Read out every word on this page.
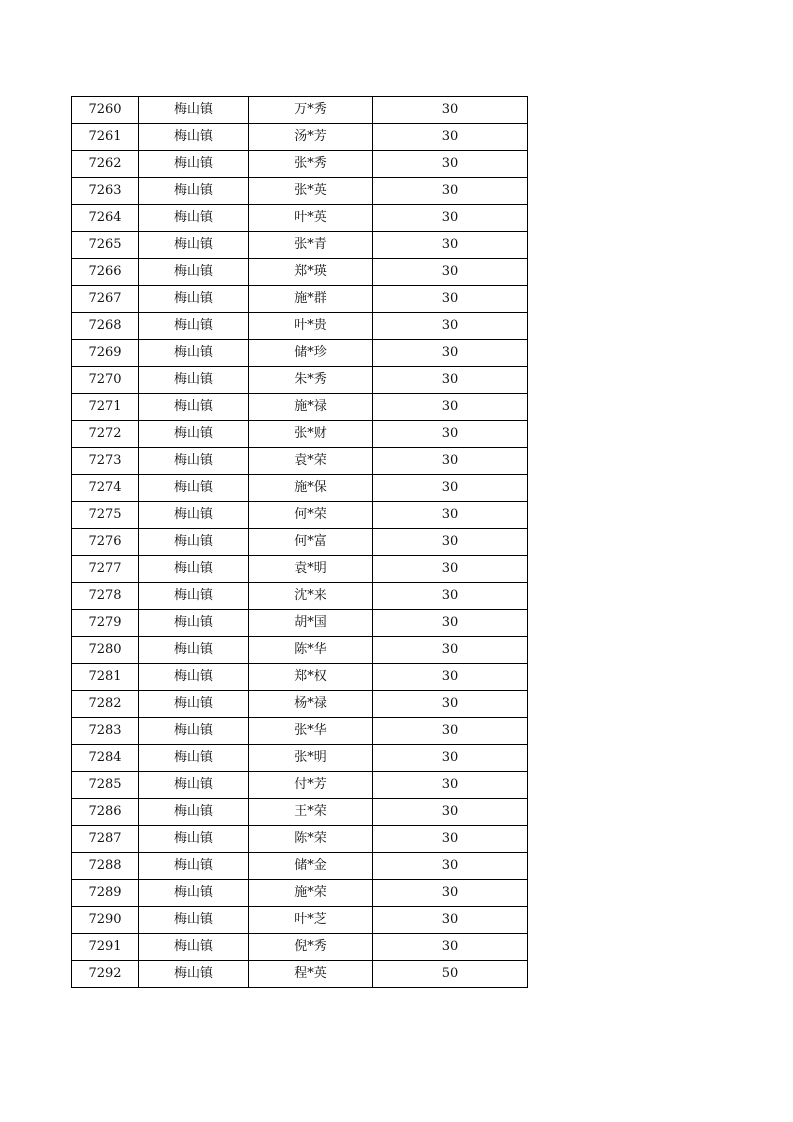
7260	梅山镇	万*秀	30
7261	梅山镇	汤*芳	30
7262	梅山镇	张*秀	30
7263	梅山镇	张*英	30
7264	梅山镇	叶*英	30
7265	梅山镇	张*青	30
7266	梅山镇	郑*瑛	30
7267	梅山镇	施*群	30
7268	梅山镇	叶*贵	30
7269	梅山镇	储*珍	30
7270	梅山镇	朱*秀	30
7271	梅山镇	施*禄	30
7272	梅山镇	张*财	30
7273	梅山镇	袁*荣	30
7274	梅山镇	施*保	30
7275	梅山镇	何*荣	30
7276	梅山镇	何*富	30
7277	梅山镇	袁*明	30
7278	梅山镇	沈*来	30
7279	梅山镇	胡*国	30
7280	梅山镇	陈*华	30
7281	梅山镇	郑*权	30
7282	梅山镇	杨*禄	30
7283	梅山镇	张*华	30
7284	梅山镇	张*明	30
7285	梅山镇	付*芳	30
7286	梅山镇	王*荣	30
7287	梅山镇	陈*荣	30
7288	梅山镇	储*金	30
7289	梅山镇	施*荣	30
7290	梅山镇	叶*芝	30
7291	梅山镇	倪*秀	30
7292	梅山镇	程*英	50
